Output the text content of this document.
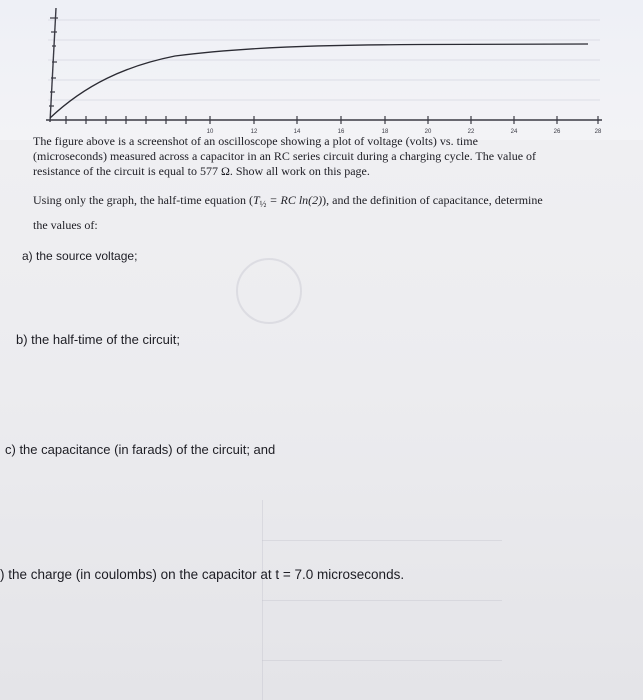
10	12	14	16	18	20	22	24	26	28
The figure above is a screenshot of an oscilloscope showing a plot of voltage (volts) vs. time
(microseconds) measured across a capacitor in an RC series circuit during a charging cycle. The value of
resistance of the circuit is equal to 577 Ω. Show all work on this page.
Using only the graph, the half-time equation ($T_{\frac{1}{2}}$ = RC ln(2)), and the definition of capacitance, determine
the values of:
a) the source voltage;
b) the half-time of the circuit;
c) the capacitance (in farads) of the circuit; and
) the charge (in coulombs) on the capacitor at t = 7.0 microseconds.
